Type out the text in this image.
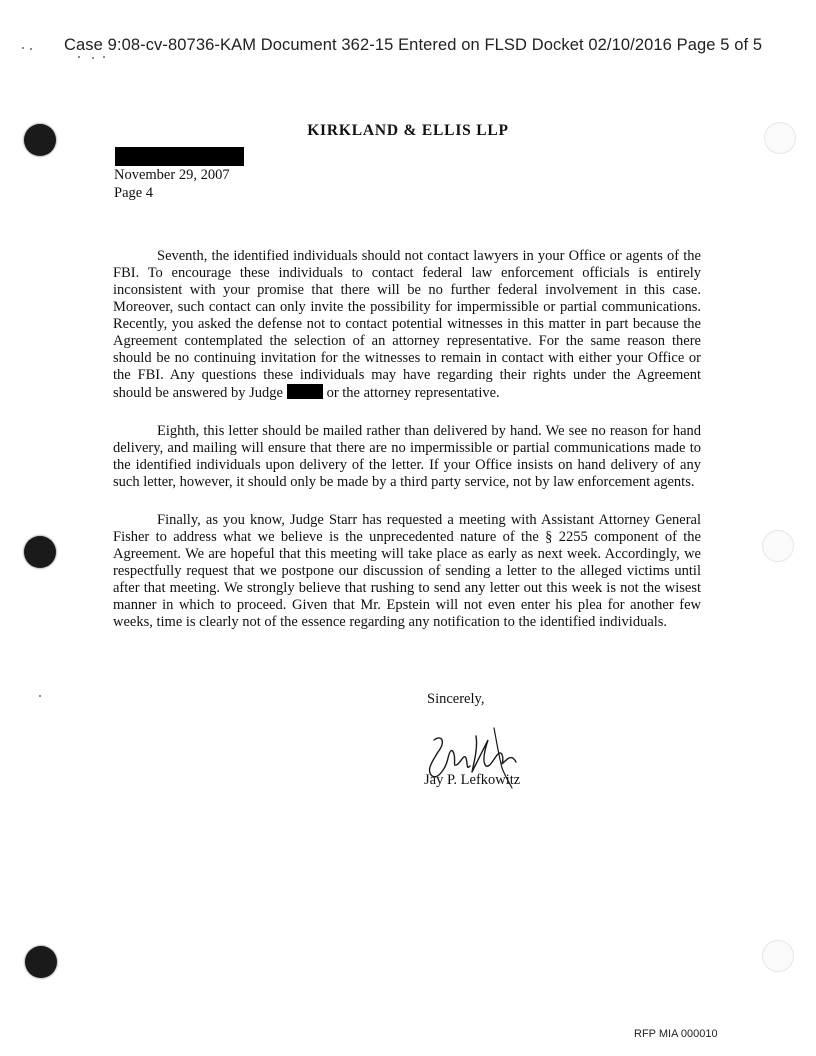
Case 9:08-cv-80736-KAM Document 362-15 Entered on FLSD Docket 02/10/2016 Page 5 of 5
KIRKLAND & ELLIS LLP
November 29, 2007
Page 4

Seventh, the identified individuals should not contact lawyers in your Office or agents of the FBI. To encourage these individuals to contact federal law enforcement officials is entirely inconsistent with your promise that there will be no further federal involvement in this case. Moreover, such contact can only invite the possibility for impermissible or partial communications. Recently, you asked the defense not to contact potential witnesses in this matter in part because the Agreement contemplated the selection of an attorney representative. For the same reason there should be no continuing invitation for the witnesses to remain in contact with either your Office or the FBI. Any questions these individuals may have regarding their rights under the Agreement should be answered by Judge	or the attorney representative.

Eighth, this letter should be mailed rather than delivered by hand. We see no reason for hand delivery, and mailing will ensure that there are no impermissible or partial communications made to the identified individuals upon delivery of the letter. If your Office insists on hand delivery of any such letter, however, it should only be made by a third party service, not by law enforcement agents.

Finally, as you know, Judge Starr has requested a meeting with Assistant Attorney General Fisher to address what we believe is the unprecedented nature of the § 2255 component of the Agreement. We are hopeful that this meeting will take place as early as next week. Accordingly, we respectfully request that we postpone our discussion of sending a letter to the alleged victims until after that meeting. We strongly believe that rushing to send any letter out this week is not the wisest manner in which to proceed. Given that Mr. Epstein will not even enter his plea for another few weeks, time is clearly not of the essence regarding any notification to the identified individuals.

Sincerely,
Jay P. Lefkowitz
RFP MIA 000010
